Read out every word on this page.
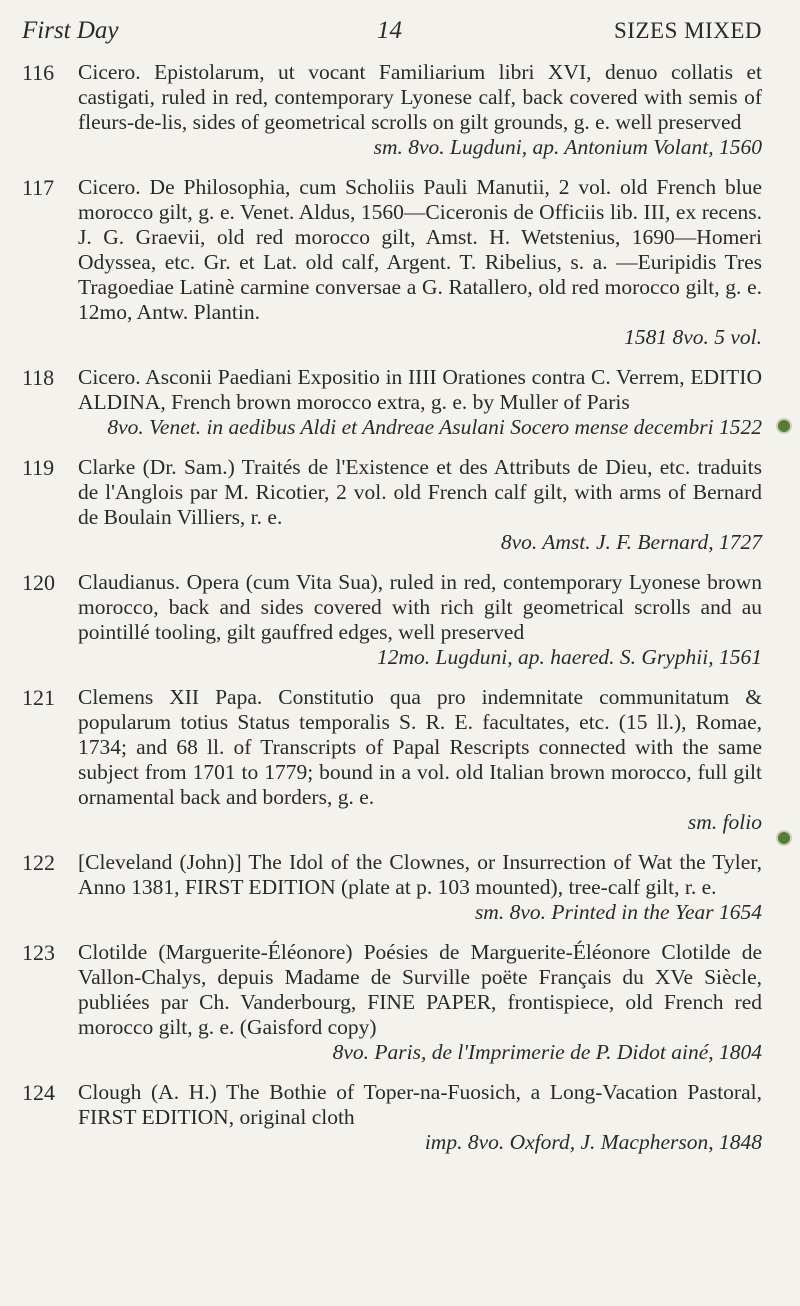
First Day	14	SIZES MIXED
116	Cicero. Epistolarum, ut vocant Familiarium libri XVI, denuo collatis et castigati, ruled in red, contemporary Lyonese calf, back covered with semis of fleurs-de-lis, sides of geometrical scrolls on gilt grounds, g. e. well preserved
sm. 8vo. Lugduni, ap. Antonium Volant, 1560
117	Cicero. De Philosophia, cum Scholiis Pauli Manutii, 2 vol. old French blue morocco gilt, g. e. Venet. Aldus, 1560—Ciceronis de Officiis lib. III, ex recens. J. G. Graevii, old red morocco gilt, Amst. H. Wetstenius, 1690—Homeri Odyssea, etc. Gr. et Lat. old calf, Argent. T. Ribelius, s. a. —Euripidis Tres Tragoediae Latinè carmine conversae a G. Ratallero, old red morocco gilt, g. e. 12mo, Antw. Plantin.
1581 8vo. 5 vol.
118	Cicero. Asconii Paediani Expositio in IIII Orationes contra C. Verrem, EDITIO ALDINA, French brown morocco extra, g. e. by Muller of Paris
8vo. Venet. in aedibus Aldi et Andreae Asulani Socero mense decembri 1522
119	Clarke (Dr. Sam.) Traités de l'Existence et des Attributs de Dieu, etc. traduits de l'Anglois par M. Ricotier, 2 vol. old French calf gilt, with arms of Bernard de Boulain Villiers, r. e.
8vo. Amst. J. F. Bernard, 1727
120	Claudianus. Opera (cum Vita Sua), ruled in red, contemporary Lyonese brown morocco, back and sides covered with rich gilt geometrical scrolls and au pointillé tooling, gilt gauffred edges, well preserved
12mo. Lugduni, ap. haered. S. Gryphii, 1561
121	Clemens XII Papa. Constitutio qua pro indemnitate communitatum & popularum totius Status temporalis S. R. E. facultates, etc. (15 ll.), Romae, 1734; and 68 ll. of Transcripts of Papal Rescripts connected with the same subject from 1701 to 1779; bound in a vol. old Italian brown morocco, full gilt ornamental back and borders, g. e.
sm. folio
122	[Cleveland (John)] The Idol of the Clownes, or Insurrection of Wat the Tyler, Anno 1381, FIRST EDITION (plate at p. 103 mounted), tree-calf gilt, r. e.
sm. 8vo. Printed in the Year 1654
123	Clotilde (Marguerite-Éléonore) Poésies de Marguerite-Éléonore Clotilde de Vallon-Chalys, depuis Madame de Surville poëte Français du XVe Siècle, publiées par Ch. Vanderbourg, FINE PAPER, frontispiece, old French red morocco gilt, g. e. (Gaisford copy)
8vo. Paris, de l'Imprimerie de P. Didot ainé, 1804
124	Clough (A. H.) The Bothie of Toper-na-Fuosich, a Long-Vacation Pastoral, FIRST EDITION, original cloth
imp. 8vo. Oxford, J. Macpherson, 1848
